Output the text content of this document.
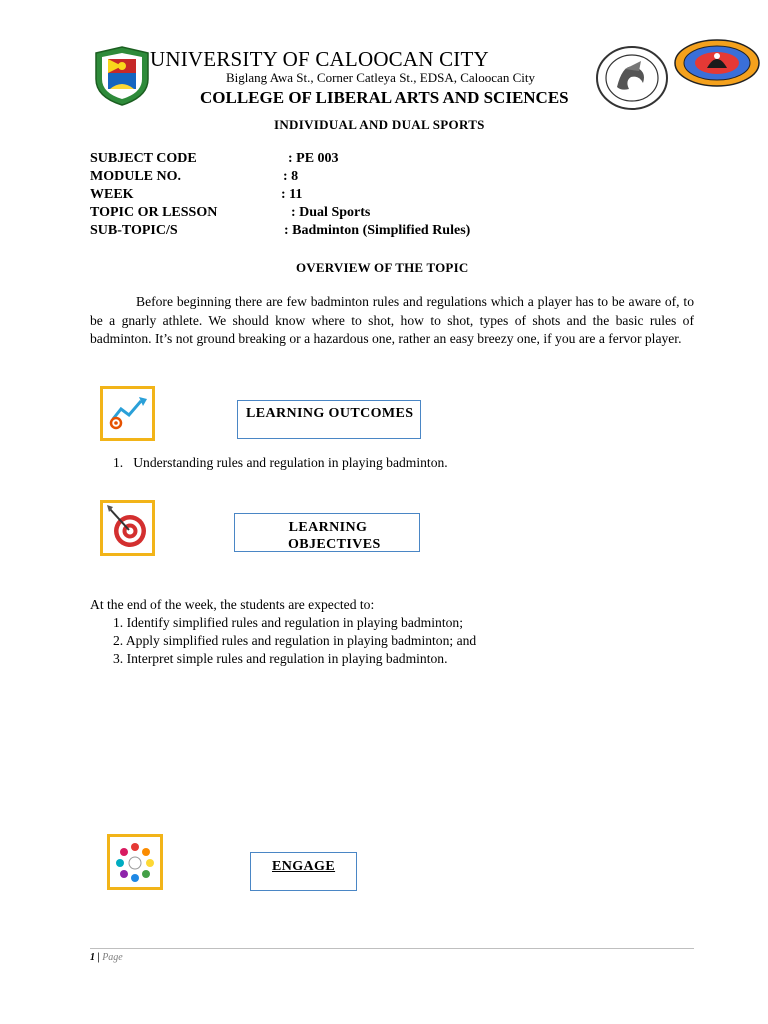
UNIVERSITY OF CALOOCAN CITY
Biglang Awa St., Corner Catleya St., EDSA, Caloocan City
COLLEGE OF LIBERAL ARTS AND SCIENCES
INDIVIDUAL AND DUAL SPORTS
SUBJECT CODE	: PE 003
MODULE NO.	: 8
WEEK	: 11
TOPIC OR LESSON	: Dual Sports
SUB-TOPIC/S	: Badminton (Simplified Rules)
OVERVIEW OF THE TOPIC
Before beginning there are few badminton rules and regulations which a player has to be aware of, to be a gnarly athlete. We should know where to shot, how to shot, types of shots and the basic rules of badminton. It’s not ground breaking or a hazardous one, rather an easy breezy one, if you are a fervor player.
LEARNING OUTCOMES
1. Understanding rules and regulation in playing badminton.
LEARNING OBJECTIVES
At the end of the week, the students are expected to:
1. Identify simplified rules and regulation in playing badminton;
2. Apply simplified rules and regulation in playing badminton; and
3. Interpret simple rules and regulation in playing badminton.
ENGAGE
1 | Page
